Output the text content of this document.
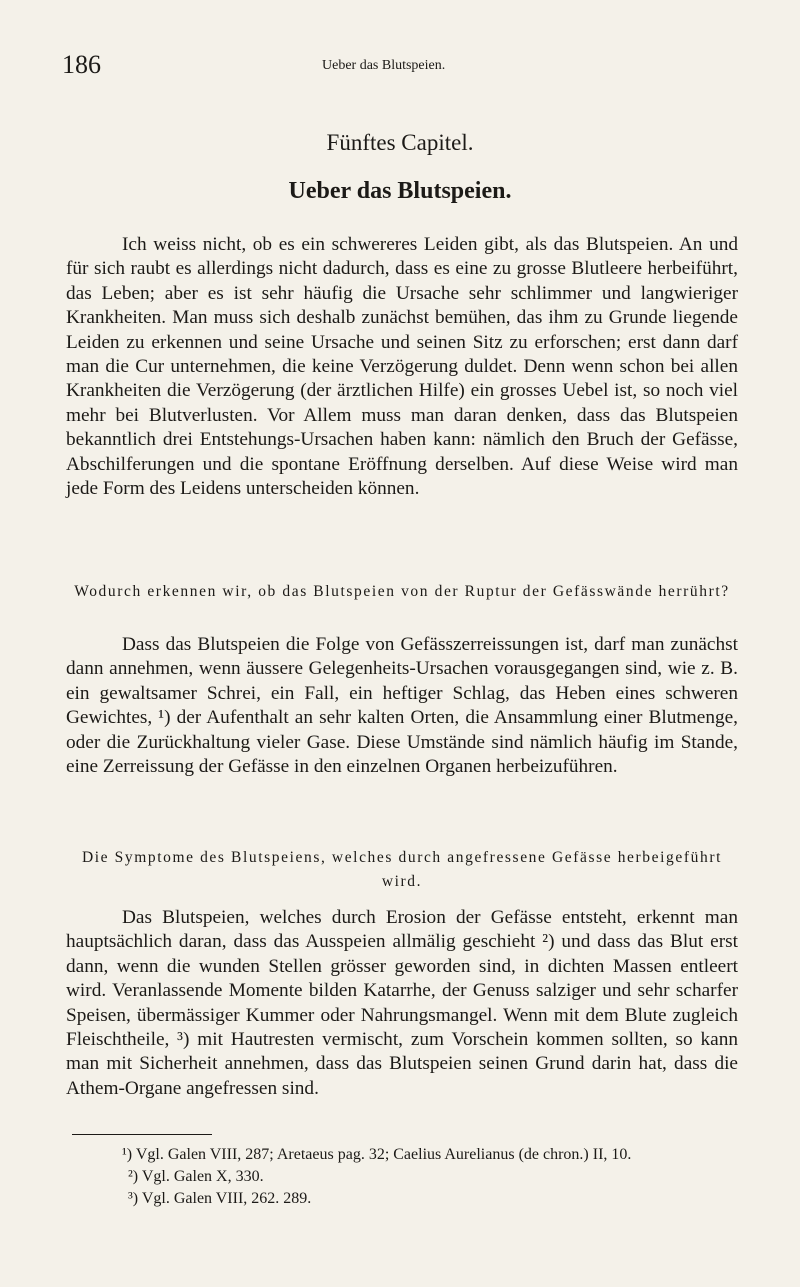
186	Ueber das Blutspeien.
Fünftes Capitel.
Ueber das Blutspeien.

Ich weiss nicht, ob es ein schwereres Leiden gibt, als das Blutspeien. An und für sich raubt es allerdings nicht dadurch, dass es eine zu grosse Blutleere herbeiführt, das Leben; aber es ist sehr häufig die Ursache sehr schlimmer und langwieriger Krankheiten. Man muss sich deshalb zunächst bemühen, das ihm zu Grunde liegende Leiden zu erkennen und seine Ursache und seinen Sitz zu erforschen; erst dann darf man die Cur unternehmen, die keine Verzögerung duldet. Denn wenn schon bei allen Krankheiten die Verzögerung (der ärztlichen Hilfe) ein grosses Uebel ist, so noch viel mehr bei Blutverlusten. Vor Allem muss man daran denken, dass das Blutspeien bekanntlich drei Entstehungs-Ursachen haben kann: nämlich den Bruch der Gefässe, Abschilferungen und die spontane Eröffnung derselben. Auf diese Weise wird man jede Form des Leidens unterscheiden können.

Wodurch erkennen wir, ob das Blutspeien von der Ruptur der Gefässwände herrührt?

Dass das Blutspeien die Folge von Gefässzerreissungen ist, darf man zunächst dann annehmen, wenn äussere Gelegenheits-Ursachen vorausgegangen sind, wie z. B. ein gewaltsamer Schrei, ein Fall, ein heftiger Schlag, das Heben eines schweren Gewichtes, ¹) der Aufenthalt an sehr kalten Orten, die Ansammlung einer Blutmenge, oder die Zurückhaltung vieler Gase. Diese Umstände sind nämlich häufig im Stande, eine Zerreissung der Gefässe in den einzelnen Organen herbeizuführen.

Die Symptome des Blutspeiens, welches durch angefressene Gefässe herbeigeführt wird.

Das Blutspeien, welches durch Erosion der Gefässe entsteht, erkennt man hauptsächlich daran, dass das Ausspeien allmälig geschieht ²) und dass das Blut erst dann, wenn die wunden Stellen grösser geworden sind, in dichten Massen entleert wird. Veranlassende Momente bilden Katarrhe, der Genuss salziger und sehr scharfer Speisen, übermässiger Kummer oder Nahrungsmangel. Wenn mit dem Blute zugleich Fleischtheile, ³) mit Hautresten vermischt, zum Vorschein kommen sollten, so kann man mit Sicherheit annehmen, dass das Blutspeien seinen Grund darin hat, dass die Athem-Organe angefressen sind.

¹) Vgl. Galen VIII, 287; Aretaeus pag. 32; Caelius Aurelianus (de chron.) II, 10.

²) Vgl. Galen X, 330.

³) Vgl. Galen VIII, 262. 289.
